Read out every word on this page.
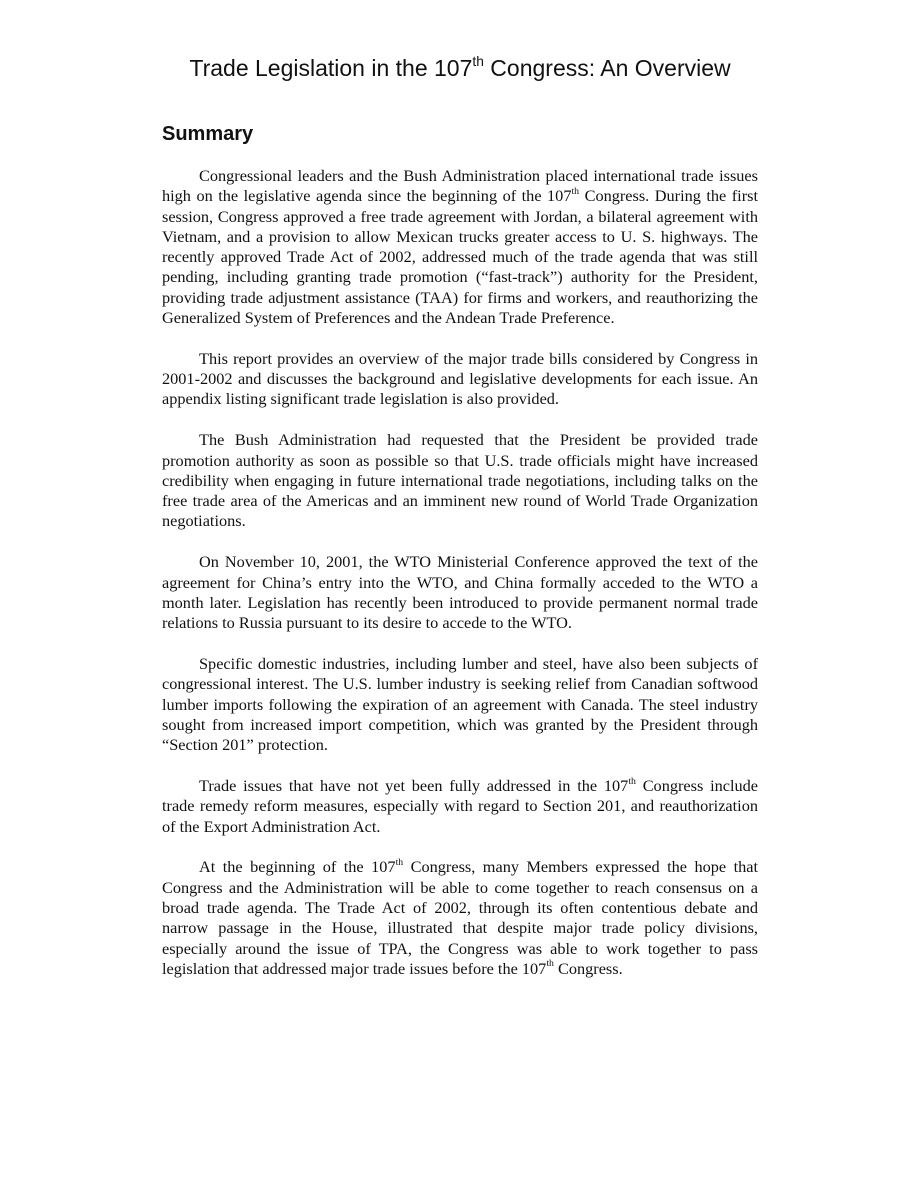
Trade Legislation in the 107th Congress: An Overview
Summary

Congressional leaders and the Bush Administration placed international trade issues high on the legislative agenda since the beginning of the 107th Congress. During the first session, Congress approved a free trade agreement with Jordan, a bilateral agreement with Vietnam, and a provision to allow Mexican trucks greater access to U. S. highways. The recently approved Trade Act of 2002, addressed much of the trade agenda that was still pending, including granting trade promotion (“fast-track”) authority for the President, providing trade adjustment assistance (TAA) for firms and workers, and reauthorizing the Generalized System of Preferences and the Andean Trade Preference.

This report provides an overview of the major trade bills considered by Congress in 2001-2002 and discusses the background and legislative developments for each issue. An appendix listing significant trade legislation is also provided.

The Bush Administration had requested that the President be provided trade promotion authority as soon as possible so that U.S. trade officials might have increased credibility when engaging in future international trade negotiations, including talks on the free trade area of the Americas and an imminent new round of World Trade Organization negotiations.

On November 10, 2001, the WTO Ministerial Conference approved the text of the agreement for China’s entry into the WTO, and China formally acceded to the WTO a month later. Legislation has recently been introduced to provide permanent normal trade relations to Russia pursuant to its desire to accede to the WTO.

Specific domestic industries, including lumber and steel, have also been subjects of congressional interest. The U.S. lumber industry is seeking relief from Canadian softwood lumber imports following the expiration of an agreement with Canada. The steel industry sought from increased import competition, which was granted by the President through “Section 201” protection.

Trade issues that have not yet been fully addressed in the 107th Congress include trade remedy reform measures, especially with regard to Section 201, and reauthorization of the Export Administration Act.

At the beginning of the 107th Congress, many Members expressed the hope that Congress and the Administration will be able to come together to reach consensus on a broad trade agenda. The Trade Act of 2002, through its often contentious debate and narrow passage in the House, illustrated that despite major trade policy divisions, especially around the issue of TPA, the Congress was able to work together to pass legislation that addressed major trade issues before the 107th Congress.
